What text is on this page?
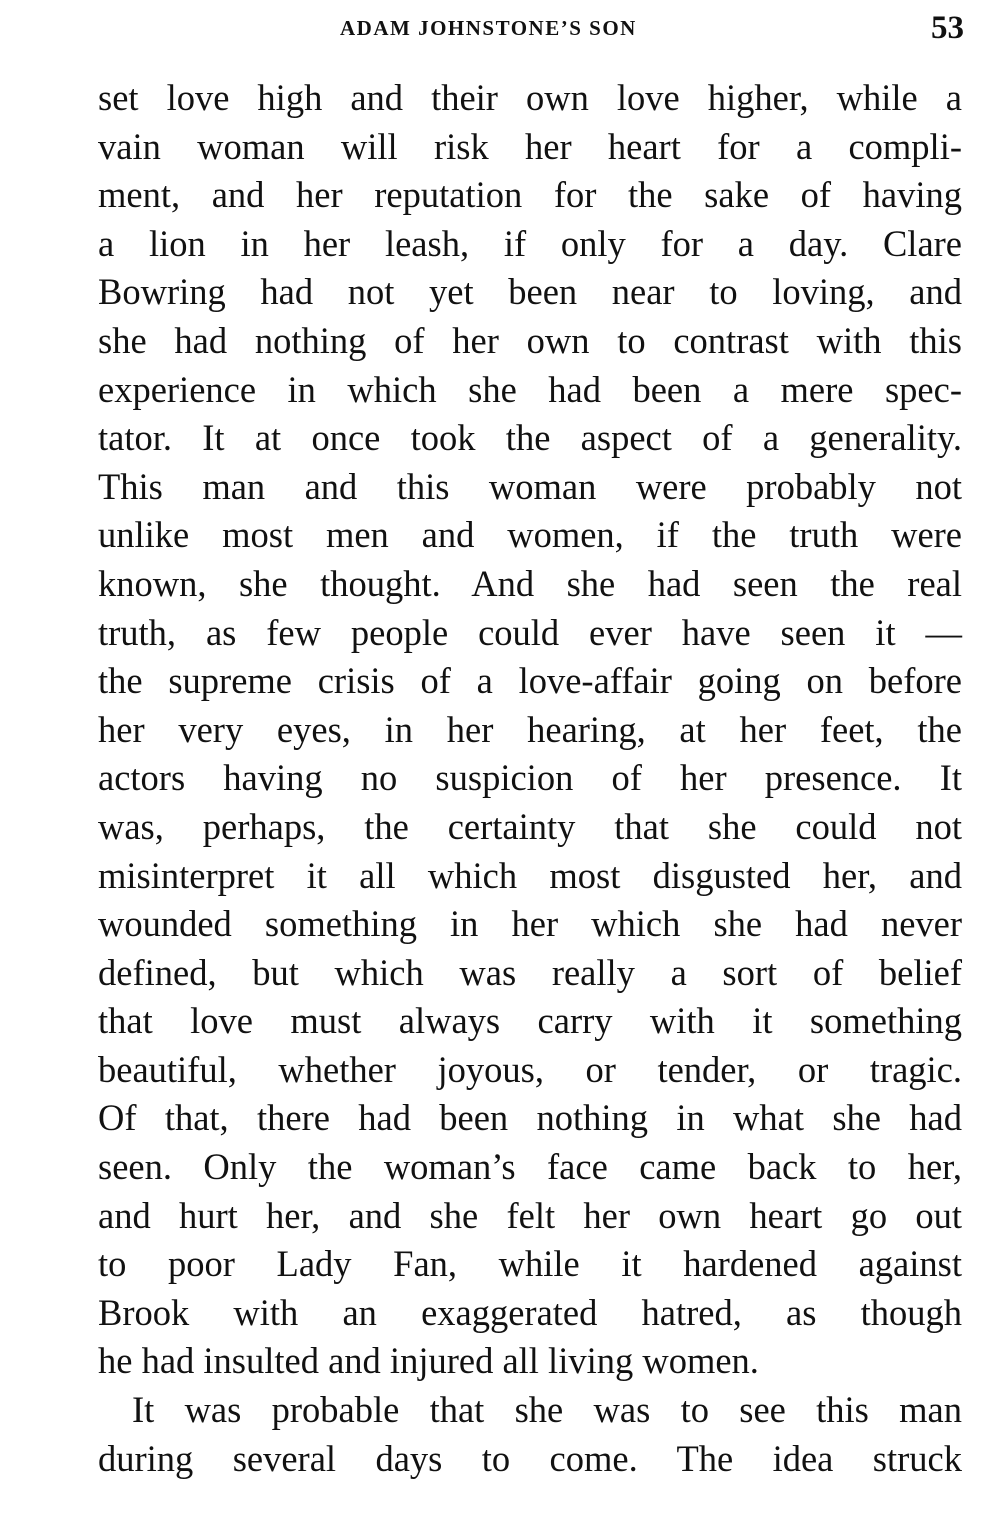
ADAM JOHNSTONE’S SON	53
set love high and their own love higher, while a
vain woman will risk her heart for a compli-
ment, and her reputation for the sake of having
a lion in her leash, if only for a day. Clare
Bowring had not yet been near to loving, and
she had nothing of her own to contrast with this
experience in which she had been a mere spec-
tator. It at once took the aspect of a generality.
This man and this woman were probably not
unlike most men and women, if the truth were
known, she thought. And she had seen the real
truth, as few people could ever have seen it —
the supreme crisis of a love-affair going on before
her very eyes, in her hearing, at her feet, the
actors having no suspicion of her presence. It
was, perhaps, the certainty that she could not
misinterpret it all which most disgusted her, and
wounded something in her which she had never
defined, but which was really a sort of belief
that love must always carry with it something
beautiful, whether joyous, or tender, or tragic.
Of that, there had been nothing in what she had
seen. Only the woman’s face came back to her,
and hurt her, and she felt her own heart go out
to poor Lady Fan, while it hardened against
Brook with an exaggerated hatred, as though
he had insulted and injured all living women.
It was probable that she was to see this man
during several days to come. The idea struck
